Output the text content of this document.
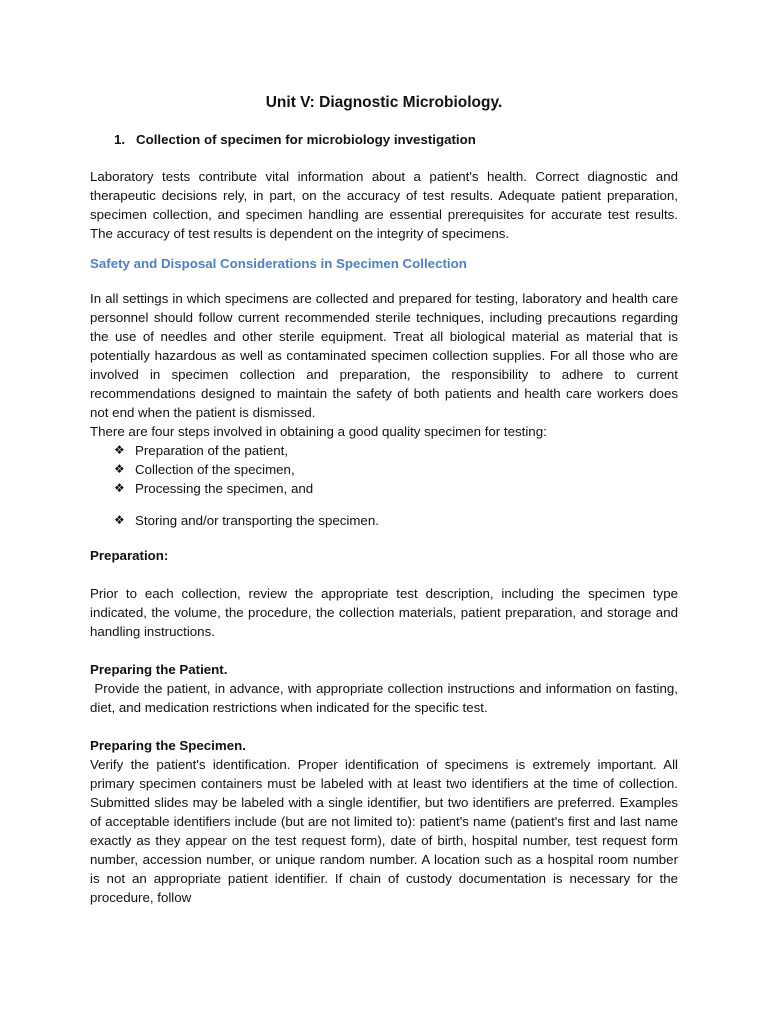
Unit V: Diagnostic Microbiology.
1. Collection of specimen for microbiology investigation

Laboratory tests contribute vital information about a patient's health. Correct diagnostic and therapeutic decisions rely, in part, on the accuracy of test results. Adequate patient preparation, specimen collection, and specimen handling are essential prerequisites for accurate test results. The accuracy of test results is dependent on the integrity of specimens.

Safety and Disposal Considerations in Specimen Collection

In all settings in which specimens are collected and prepared for testing, laboratory and health care personnel should follow current recommended sterile techniques, including precautions regarding the use of needles and other sterile equipment. Treat all biological material as material that is potentially hazardous as well as contaminated specimen collection supplies. For all those who are involved in specimen collection and preparation, the responsibility to adhere to current recommendations designed to maintain the safety of both patients and health care workers does not end when the patient is dismissed.

There are four steps involved in obtaining a good quality specimen for testing:

❖ Preparation of the patient,
❖ Collection of the specimen,
❖ Processing the specimen, and
❖ Storing and/or transporting the specimen.

Preparation:

Prior to each collection, review the appropriate test description, including the specimen type indicated, the volume, the procedure, the collection materials, patient preparation, and storage and handling instructions.

Preparing the Patient.

Provide the patient, in advance, with appropriate collection instructions and information on fasting, diet, and medication restrictions when indicated for the specific test.

Preparing the Specimen.

Verify the patient's identification. Proper identification of specimens is extremely important. All primary specimen containers must be labeled with at least two identifiers at the time of collection. Submitted slides may be labeled with a single identifier, but two identifiers are preferred. Examples of acceptable identifiers include (but are not limited to): patient's name (patient's first and last name exactly as they appear on the test request form), date of birth, hospital number, test request form number, accession number, or unique random number. A location such as a hospital room number is not an appropriate patient identifier. If chain of custody documentation is necessary for the procedure, follow
